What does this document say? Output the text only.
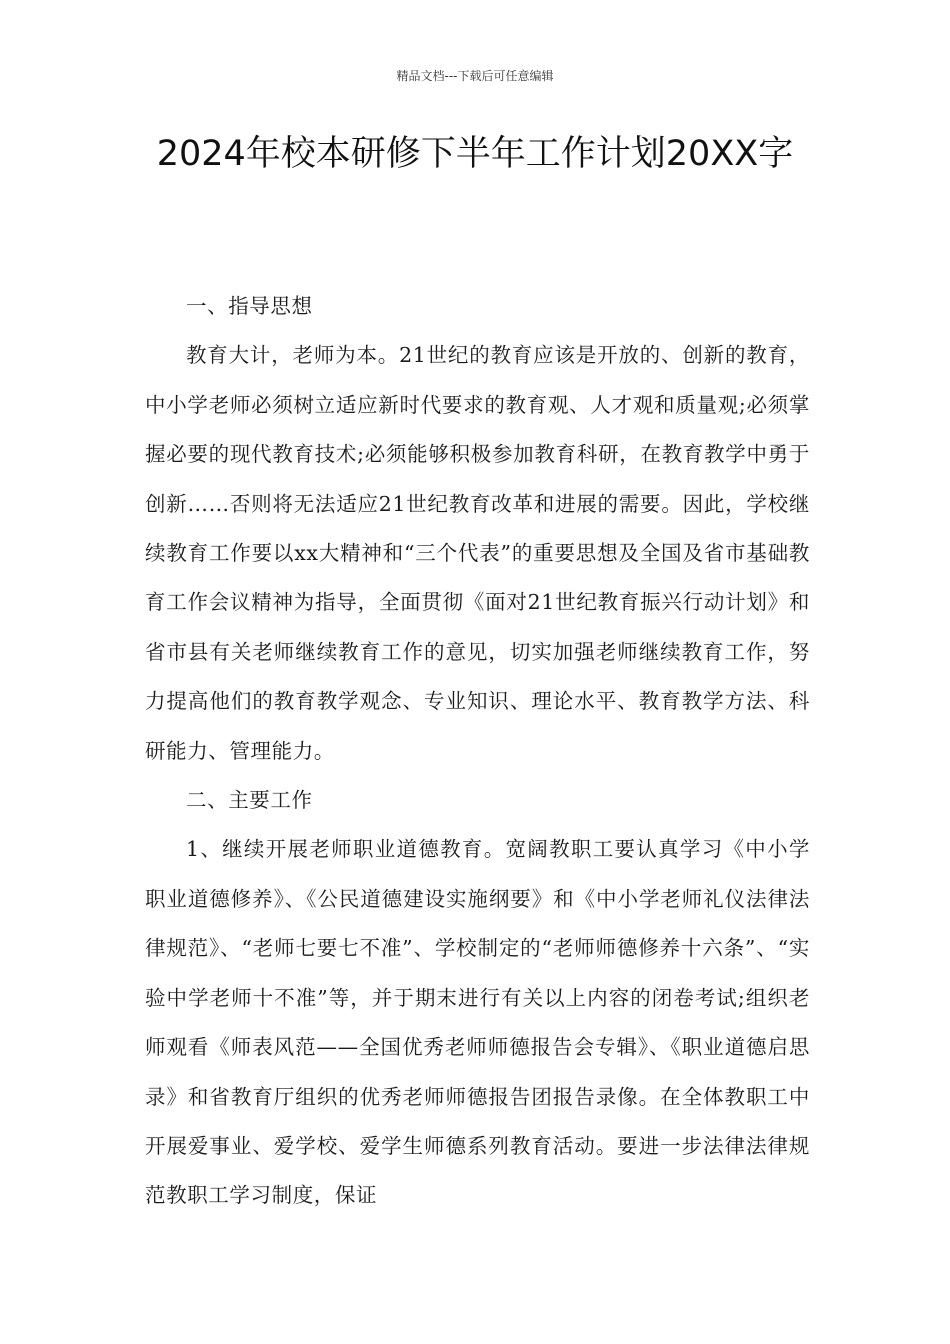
精品文档---下载后可任意编辑
2024年校本研修下半年工作计划20XX字

一、指导思想

教育大计，老师为本。21世纪的教育应该是开放的、创新的教育，中小学老师必须树立适应新时代要求的教育观、人才观和质量观;必须掌握必要的现代教育技术;必须能够积极参加教育科研，在教育教学中勇于创新……否则将无法适应21世纪教育改革和进展的需要。因此，学校继续教育工作要以xx大精神和“三个代表”的重要思想及全国及省市基础教育工作会议精神为指导，全面贯彻《面对21世纪教育振兴行动计划》和省市县有关老师继续教育工作的意见，切实加强老师继续教育工作，努力提高他们的教育教学观念、专业知识、理论水平、教育教学方法、科研能力、管理能力。

二、主要工作

1、继续开展老师职业道德教育。宽阔教职工要认真学习《中小学职业道德修养》、《公民道德建设实施纲要》和《中小学老师礼仪法律法律规范》、“老师七要七不准”、学校制定的“老师师德修养十六条”、“实验中学老师十不准”等，并于期末进行有关以上内容的闭卷考试;组织老师观看《师表风范——全国优秀老师师德报告会专辑》、《职业道德启思录》和省教育厅组织的优秀老师师德报告团报告录像。在全体教职工中开展爱事业、爱学校、爱学生师德系列教育活动。要进一步法律法律规范教职工学习制度，保证
